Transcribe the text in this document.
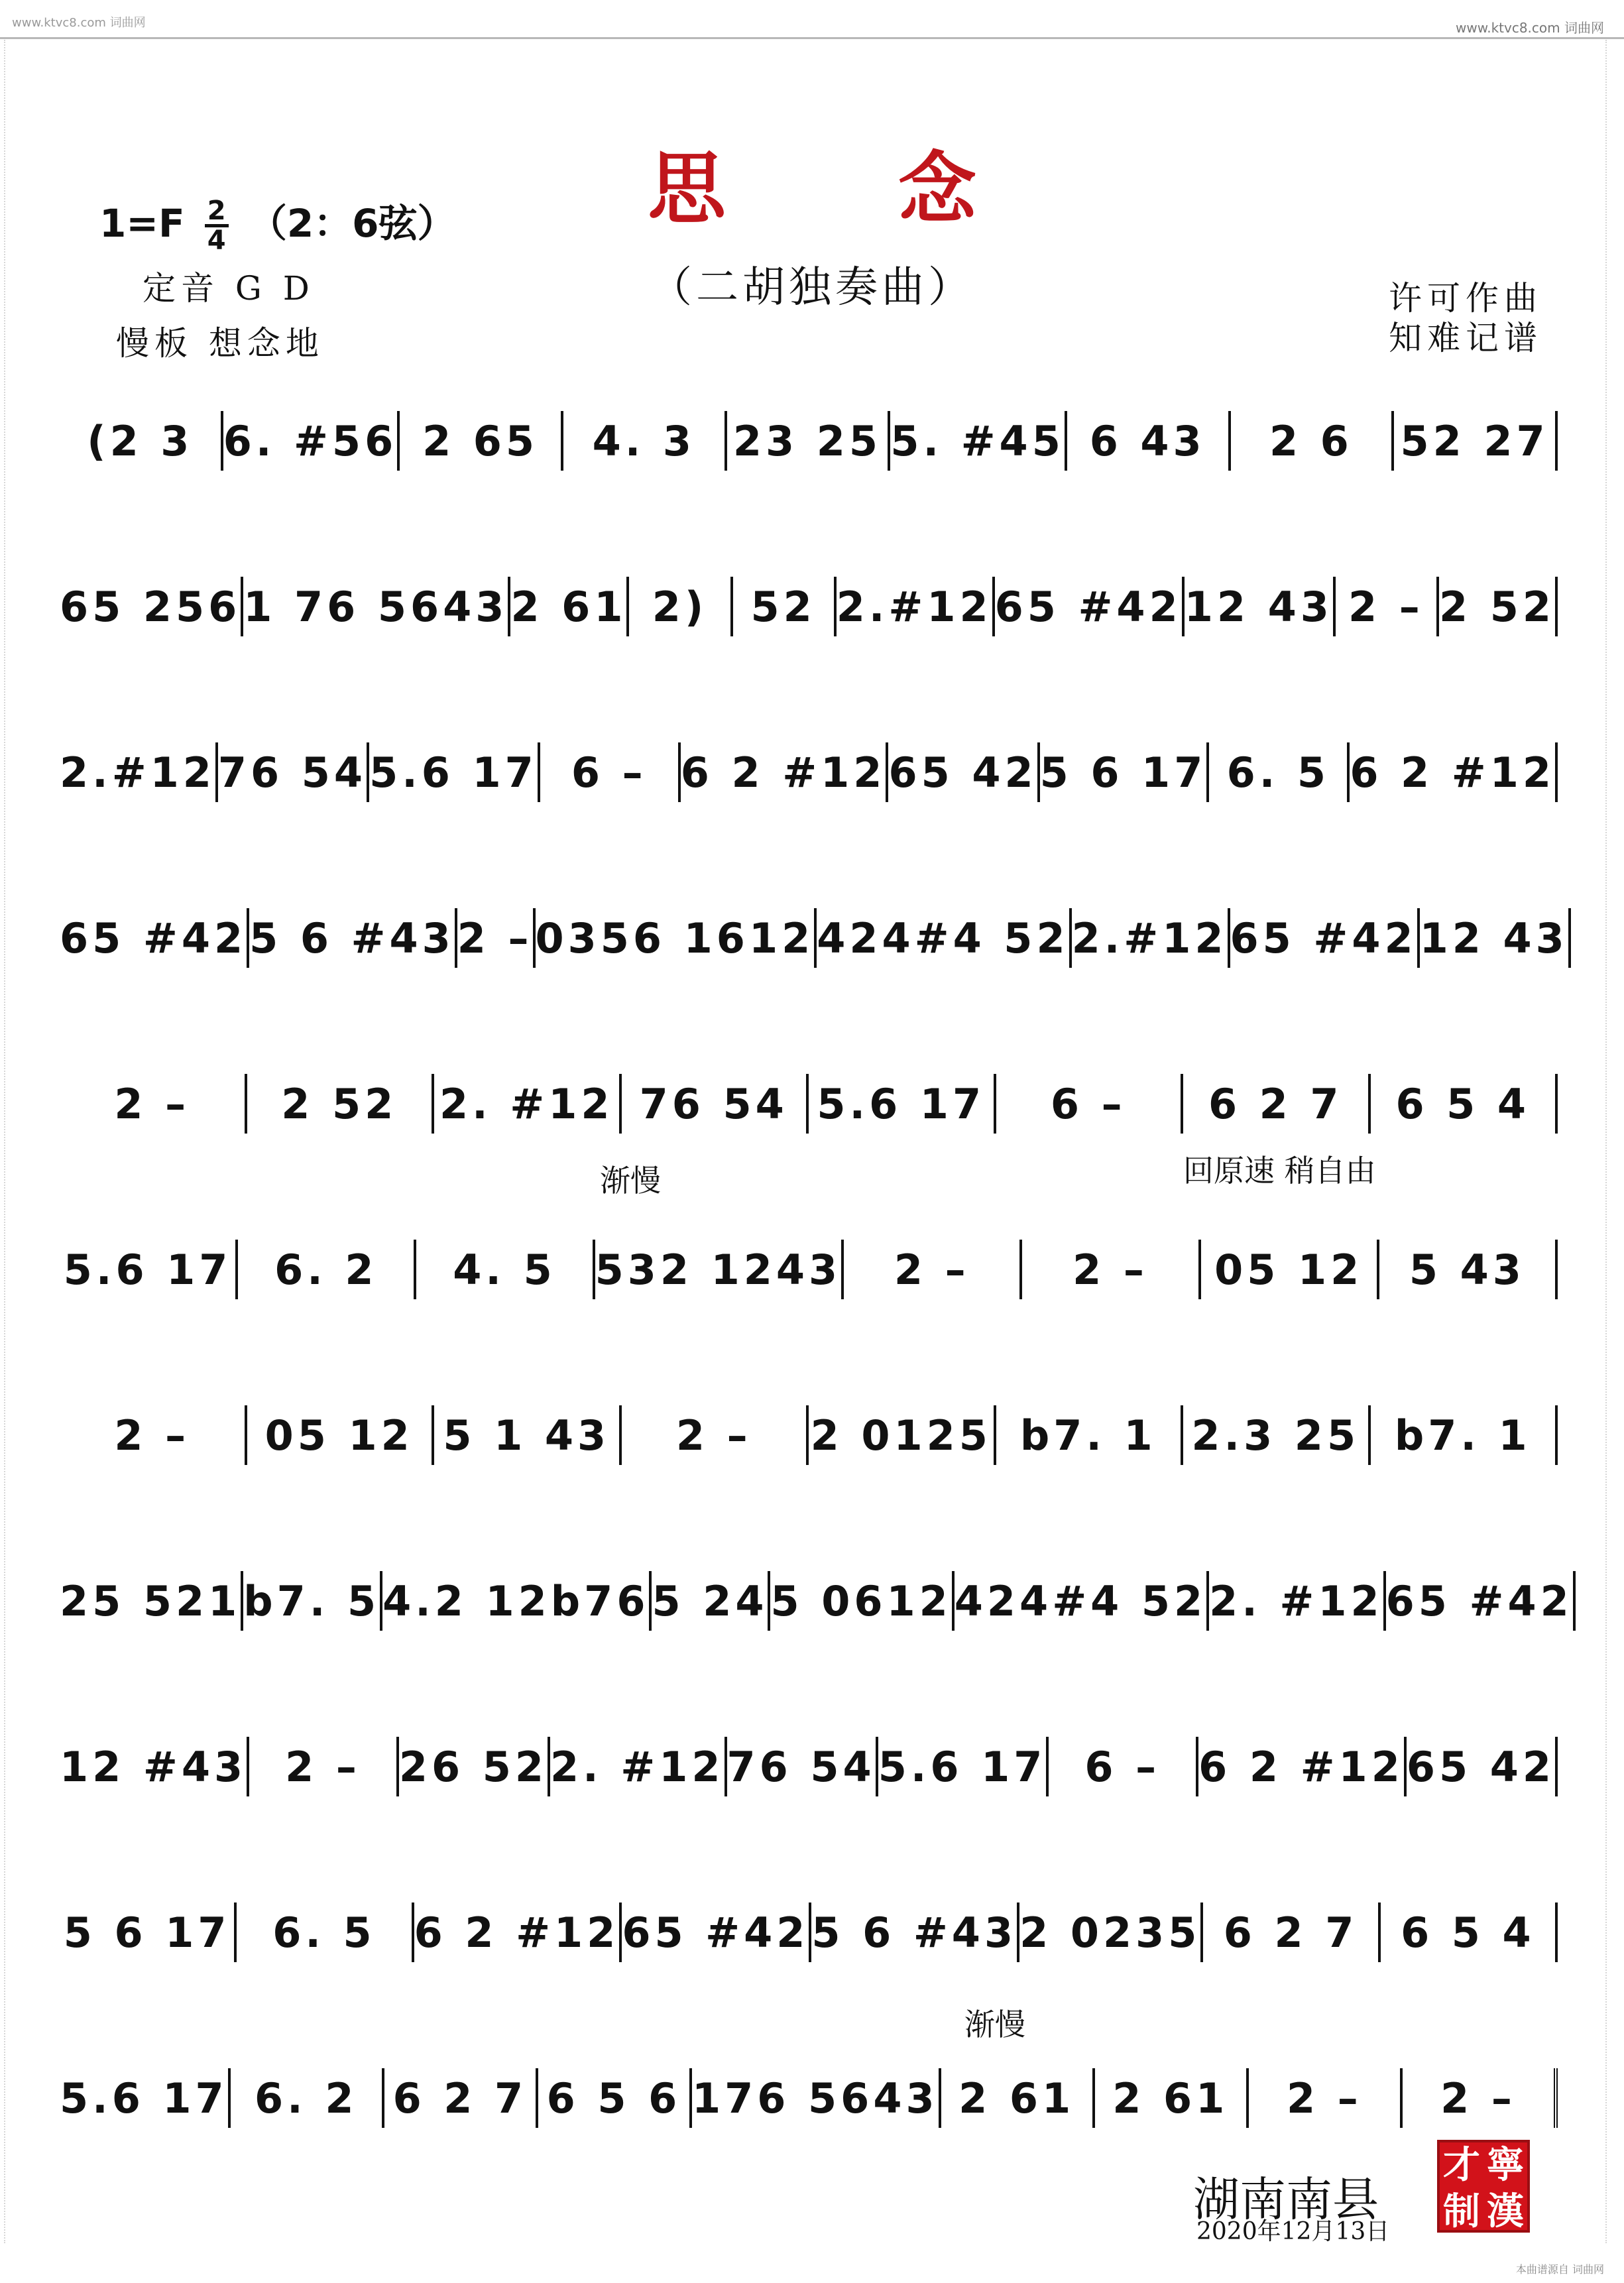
www.ktvc8.com 词曲网	www.ktvc8.com 词曲网
思念
（二胡独奏曲）
$1=F \frac{2}{4} (2$：6弦）
定音 G D
慢板 想念地
许可作曲
知难记谱
渐慢	回原速 稍自由
渐慢
(2 3 6. #56 2 65	4. 3 23 25 5. #45 6 43	2 6	52 27
65 256 1 76 5643 2 61 2)	52 2.#12 65 #42 12 43 2 – 2 52
2.#12 76 54 5.6 17 6 – 6 2 #12 65 42 5 6 17 6. 5 6 2 #12
65 #42 5 6 #43 2 – 0356 1612 424#4 52 2.#12 65 #42 12 43
2 –	2 52	2. #12 76 54 5.6 17	6 –	6 2 7	6 5 4
5.6 17	6. 2	4. 5 532 1243	2 –	2 –	05 12	5 43
2 –	05 12 5 1 43	2 –	2 0125 b7. 1 2.3 25 b7. 1
25 521 b7. 5 4.2 12b76 5 24 5 0612 424#4 52 2. #12 65 #42
12 #43 2 – 26 52 2. #12 76 54 5.6 17 6 – 6 2 #12 65 42
5 6 17	6. 5 6 2 #12 65 #42 5 6 #43 2 0235 6 2 7	6 5 4
5.6 17 6. 2 6 2 7 6 5 6 176 5643 2 61 2 61	2 –	2 –
湖南南县
2020年12月13日
才 寧
制 漢
本曲谱源自 词曲网
